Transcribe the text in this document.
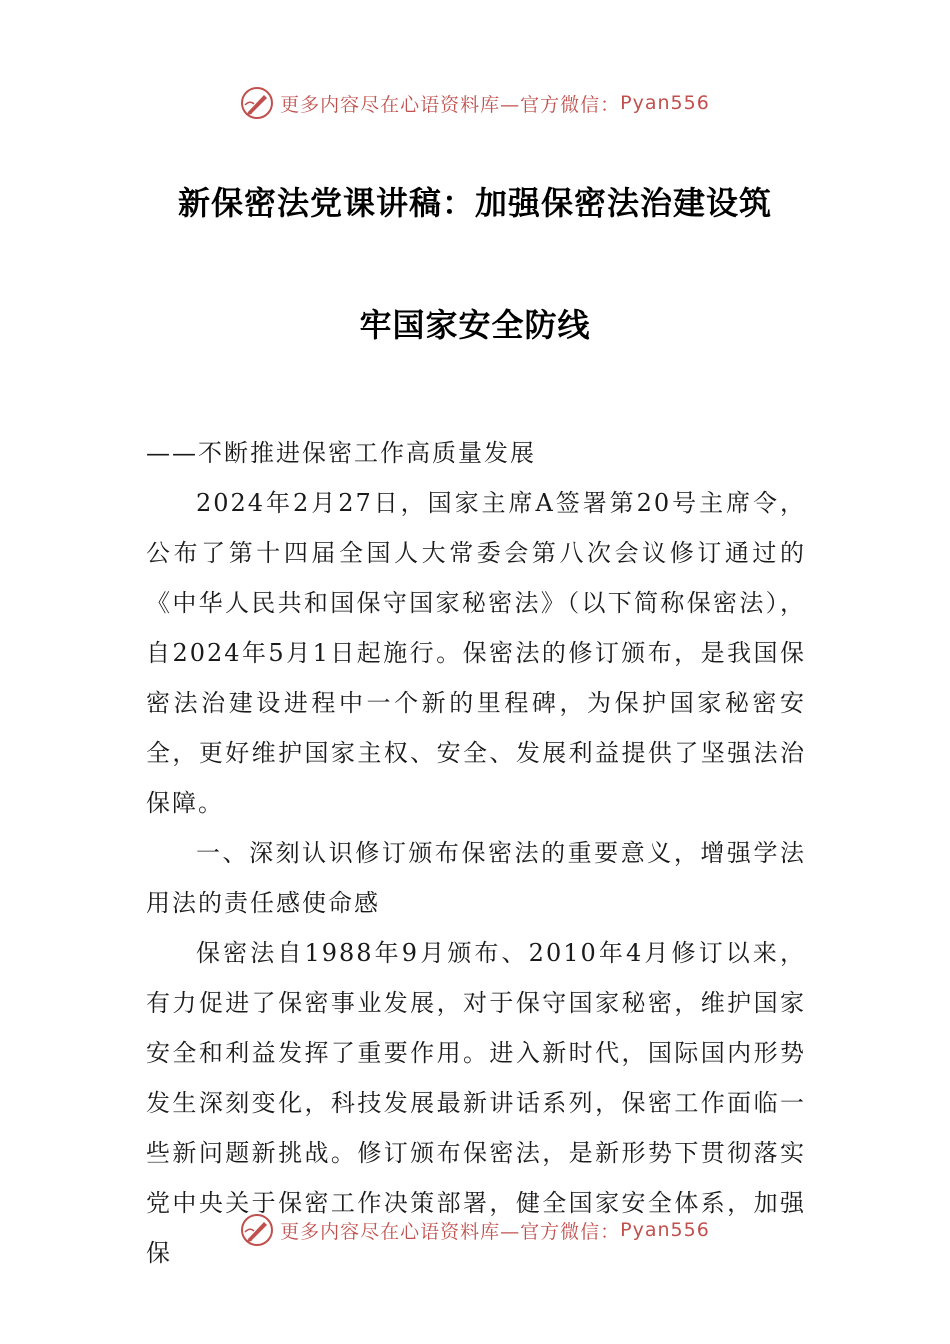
更多内容尽在心语资料库—官方微信： Pyan556
新保密法党课讲稿：加强保密法治建设筑
牢国家安全防线

——不断推进保密工作高质量发展

2024年2月27日，国家主席A签署第20号主席令，公布了第十四届全国人大常委会第八次会议修订通过的《中华人民共和国保守国家秘密法》（以下简称保密法），自2024年5月1日起施行。保密法的修订颁布，是我国保密法治建设进程中一个新的里程碑，为保护国家秘密安全，更好维护国家主权、安全、发展利益提供了坚强法治保障。

一、深刻认识修订颁布保密法的重要意义，增强学法用法的责任感使命感

保密法自1988年9月颁布、2010年4月修订以来，有力促进了保密事业发展，对于保守国家秘密，维护国家安全和利益发挥了重要作用。进入新时代，国际国内形势发生深刻变化，科技发展最新讲话系列，保密工作面临一些新问题新挑战。修订颁布保密法，是新形势下贯彻落实党中央关于保密工作决策部署，健全国家安全体系，加强保

更多内容尽在心语资料库—官方微信： Pyan556
